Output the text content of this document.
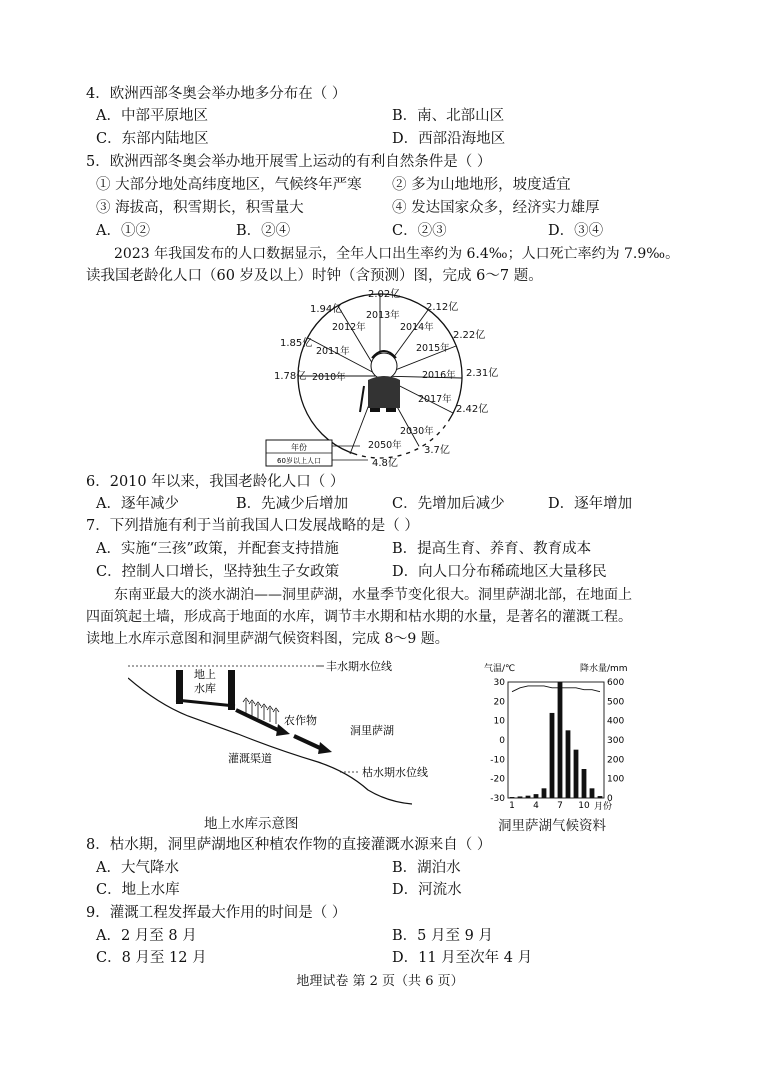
4．欧洲西部冬奥会举办地多分布在（ ）
A．中部平原地区	B．南、北部山区
C．东部内陆地区	D．西部沿海地区
5．欧洲西部冬奥会举办地开展雪上运动的有利自然条件是（ ）
① 大部分地处高纬度地区，气候终年严寒 ② 多为山地地形，坡度适宜
③ 海拔高，积雪期长，积雪量大	④ 发达国家众多，经济实力雄厚
A．①②	B．②④	C．②③	D．③④
2023 年我国发布的人口数据显示，全年人口出生率约为 6.4‰；人口死亡率约为 7.9‰。
读我国老龄化人口（60 岁及以上）时钟（含预测）图，完成 6～7 题。
年份
60岁以上人口
2.02亿
2.12亿
2.22亿
2.31亿
2.42亿
3.7亿
4.8亿
1.78亿
1.85亿
1.94亿
2013年
2014年
2015年
2016年
2017年
2030年
2050年
2010年
2011年
2012年
6．2010 年以来，我国老龄化人口（ ）
A．逐年减少	B．先减少后增加	C．先增加后减少	D．逐年增加
7．下列措施有利于当前我国人口发展战略的是（ ）
A．实施“三孩”政策，并配套支持措施	B．提高生育、养育、教育成本
C．控制人口增长，坚持独生子女政策	D．向人口分布稀疏地区大量移民
东南亚最大的淡水湖泊——洞里萨湖，水量季节变化很大。洞里萨湖北部，在地面上
四面筑起土墙，形成高于地面的水库，调节丰水期和枯水期的水量，是著名的灌溉工程。
读地上水库示意图和洞里萨湖气候资料图，完成 8～9 题。
丰水期水位线
地上
水库
农作物
洞里萨湖
灌溉渠道
枯水期水位线
地上水库示意图
气温/℃	降水量/mm
30
20
10
0
-10
-20
-30
600
500
400
300
200
100
0
1 4 7 10 月份
洞里萨湖气候资料
8．枯水期，洞里萨湖地区种植农作物的直接灌溉水源来自（ ）
A．大气降水	B．湖泊水
C．地上水库	D．河流水
9．灌溉工程发挥最大作用的时间是（ ）
A．2 月至 8 月	B．5 月至 9 月
C．8 月至 12 月	D．11 月至次年 4 月
地理试卷 第 2 页（共 6 页）
